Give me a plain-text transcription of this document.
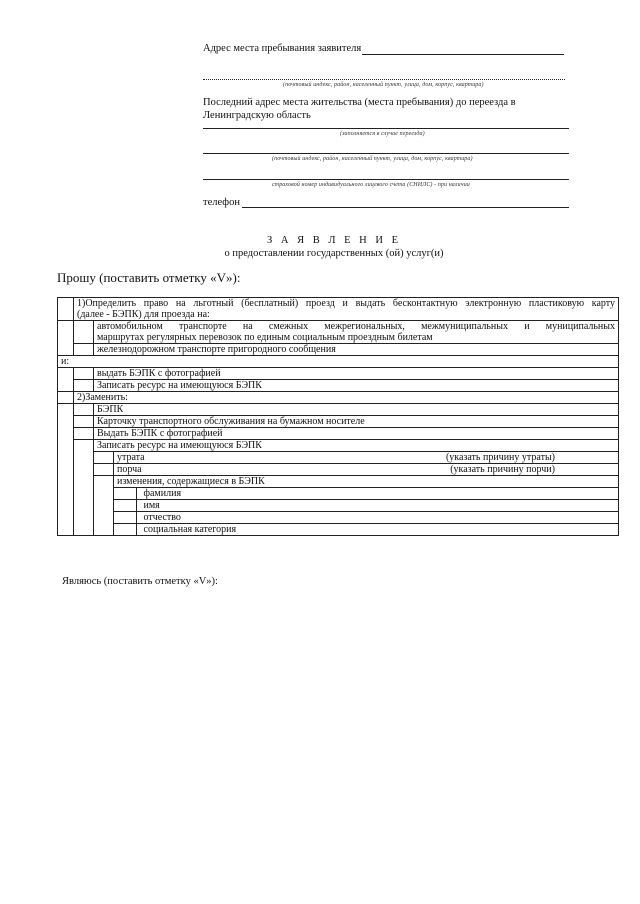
Адрес места пребывания заявителя
(почтовый индекс, район, населенный пункт, улица, дом, корпус, квартира)
Последний адрес места жительства (места пребывания) до переезда в
Ленинградскую область
(заполняется в случае переезда)
(почтовый индекс, район, населенный пункт, улица, дом, корпус, квартира)
страховой номер индивидуального лицевого счета (СНИЛС) - при наличии
телефон
З А Я В Л Е Н И Е
о предоставлении государственных (ой) услуг(и)
Прошу (поставить отметку «V»):

	1)Определить право на льготный (бесплатный) проезд и выдать бесконтактную электронную пластиковую карту
(далее - БЭПК) для проезда на:		

		автомобильном транспорте на смежных межрегиональных, межмуниципальных и муниципальных
маршрутах регулярных перевозок по единым социальным проездным билетам	

		железнодорожном транспорте пригородного сообщения	
и:			
		выдать БЭПК с фотографией	
		Записать ресурс на имеющуюся БЭПК	
	2)Заменить:		
		БЭПК	
		Карточку транспортного обслуживания на бумажном носителе	
		Выдать БЭПК с фотографией	
		Записать ресурс на имеющуюся БЭПК	

			утрата (указать причину утраты)

			порча (указать причину порчи)

			изменения, содержащиеся в БЭПК
			фамилия
			имя
			отчество
			социальная категория
Являюсь (поставить отметку «V»):
